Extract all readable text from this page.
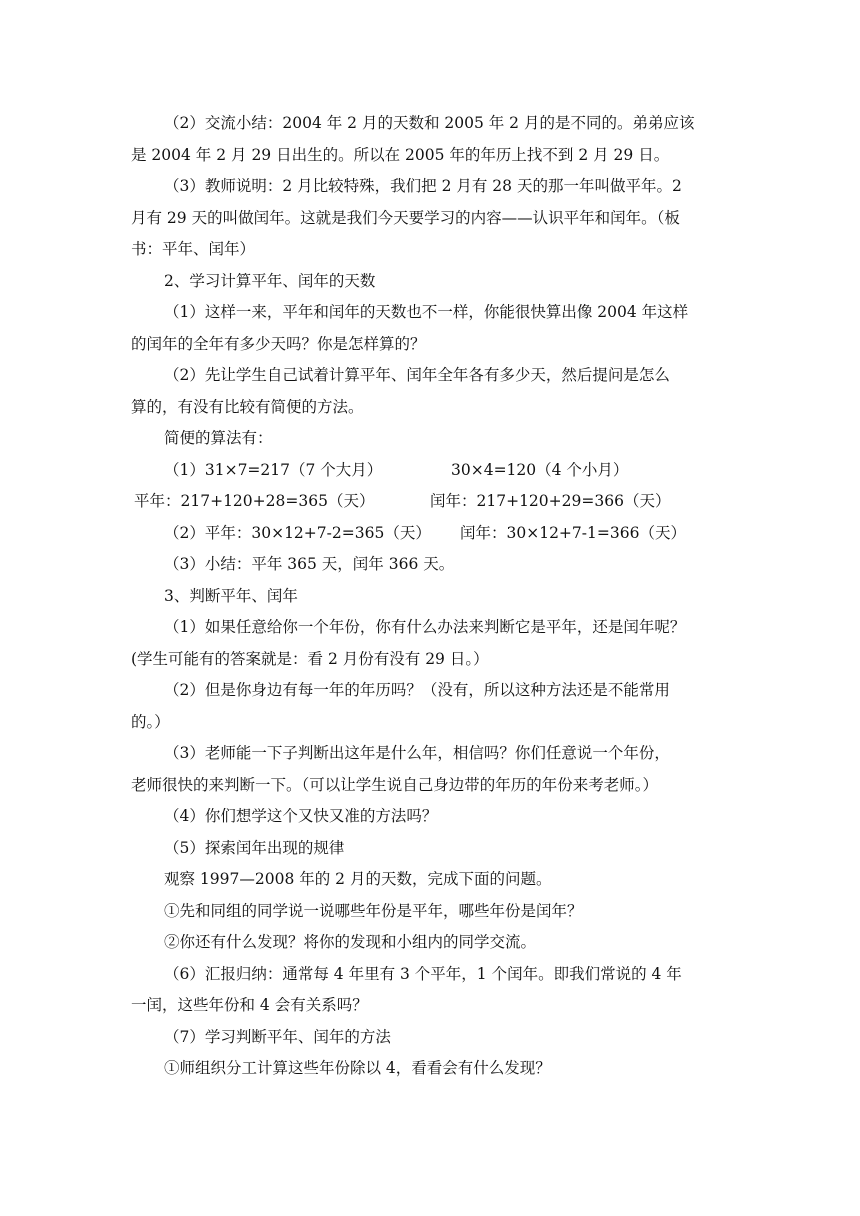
（2）交流小结：2004 年 2 月的天数和 2005 年 2 月的是不同的。弟弟应该

是 2004 年 2 月 29 日出生的。所以在 2005 年的年历上找不到 2 月 29 日。

（3）教师说明：2 月比较特殊，我们把 2 月有 28 天的那一年叫做平年。2

月有 29 天的叫做闰年。这就是我们今天要学习的内容——认识平年和闰年。（板

书：平年、闰年）

2、学习计算平年、闰年的天数

（1）这样一来，平年和闰年的天数也不一样，你能很快算出像 2004 年这样

的闰年的全年有多少天吗？你是怎样算的？

（2）先让学生自己试着计算平年、闰年全年各有多少天，然后提问是怎么

算的，有没有比较有简便的方法。

简便的算法有：

（1）31×7=217（7 个大月）	30×4=120（4 个小月）
平年：217+120+28=365（天）	闰年：217+120+29=366（天）
（2）平年：30×12+7-2=365（天）	闰年：30×12+7-1=366（天）

（3）小结：平年 365 天，闰年 366 天。

3、判断平年、闰年

（1）如果任意给你一个年份，你有什么办法来判断它是平年，还是闰年呢？

(学生可能有的答案就是：看 2 月份有没有 29 日。）

（2）但是你身边有每一年的年历吗？（没有，所以这种方法还是不能常用

的。）

（3）老师能一下子判断出这年是什么年，相信吗？你们任意说一个年份，

老师很快的来判断一下。（可以让学生说自己身边带的年历的年份来考老师。）

（4）你们想学这个又快又准的方法吗？

（5）探索闰年出现的规律

观察 1997—2008 年的 2 月的天数，完成下面的问题。

①先和同组的同学说一说哪些年份是平年，哪些年份是闰年？

②你还有什么发现？将你的发现和小组内的同学交流。

（6）汇报归纳：通常每 4 年里有 3 个平年，1 个闰年。即我们常说的 4 年

一闰，这些年份和 4 会有关系吗？

（7）学习判断平年、闰年的方法

①师组织分工计算这些年份除以 4，看看会有什么发现？
